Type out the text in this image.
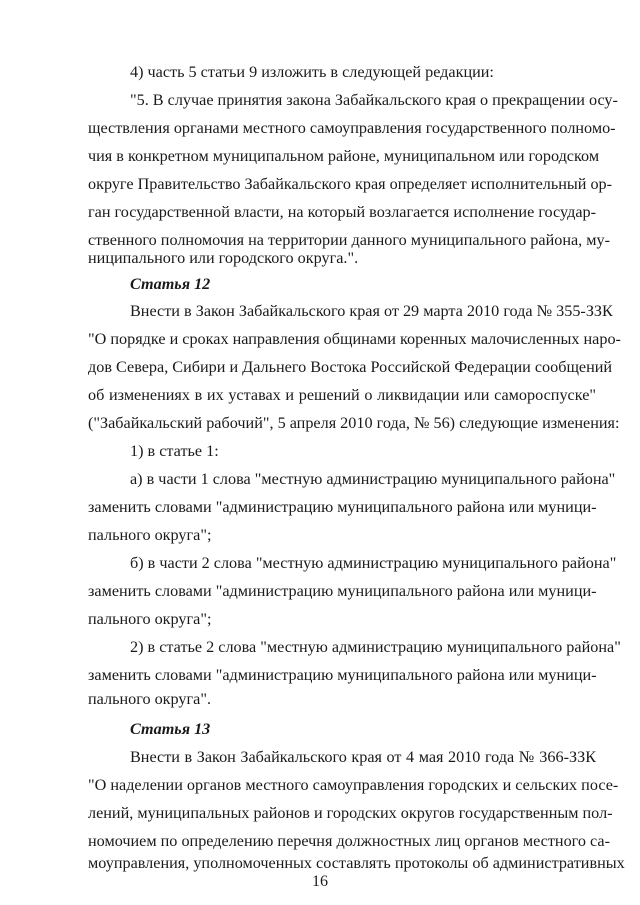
4) часть 5 статьи 9 изложить в следующей редакции:
"5. В случае принятия закона Забайкальского края о прекращении осу-
ществления органами местного самоуправления государственного полномо-
чия в конкретном муниципальном районе, муниципальном или городском
округе Правительство Забайкальского края определяет исполнительный ор-
ган государственной власти, на который возлагается исполнение государ-
ственного полномочия на территории данного муниципального района, му-
ниципального или городского округа.".
Статья 12
Внести в Закон Забайкальского края от 29 марта 2010 года № 355-ЗЗК
"О порядке и сроках направления общинами коренных малочисленных наро-
дов Севера, Сибири и Дальнего Востока Российской Федерации сообщений
об изменениях в их уставах и решений о ликвидации или самороспуске"
("Забайкальский рабочий", 5 апреля 2010 года, № 56) следующие изменения:
1) в статье 1:
а) в части 1 слова "местную администрацию муниципального района"
заменить словами "администрацию муниципального района или муници-
пального округа";
б) в части 2 слова "местную администрацию муниципального района"
заменить словами "администрацию муниципального района или муници-
пального округа";
2) в статье 2 слова "местную администрацию муниципального района"
заменить словами "администрацию муниципального района или муници-
пального округа".
Статья 13
Внести в Закон Забайкальского края от 4 мая 2010 года № 366-ЗЗК
"О наделении органов местного самоуправления городских и сельских посе-
лений, муниципальных районов и городских округов государственным пол-
номочием по определению перечня должностных лиц органов местного са-
моуправления, уполномоченных составлять протоколы об административных
16
